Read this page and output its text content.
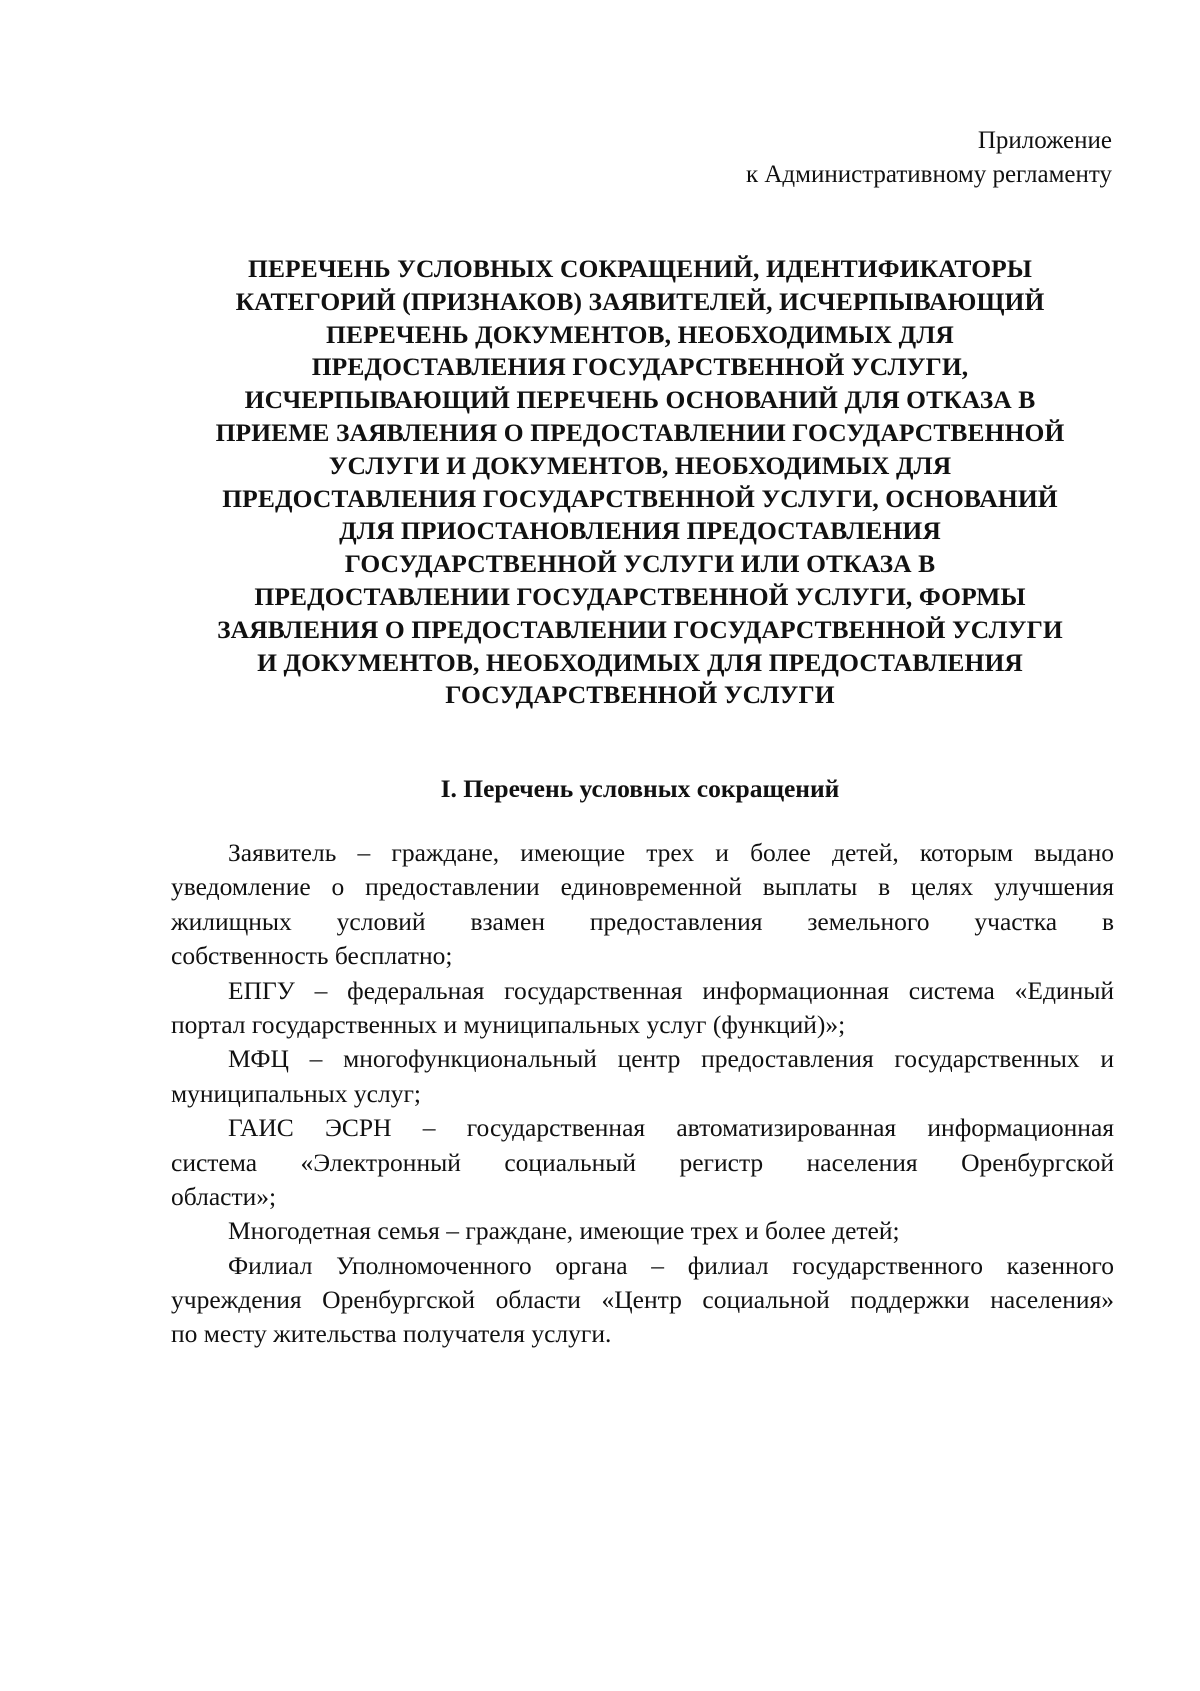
Приложение
к Административному регламенту
ПЕРЕЧЕНЬ УСЛОВНЫХ СОКРАЩЕНИЙ, ИДЕНТИФИКАТОРЫ
КАТЕГОРИЙ (ПРИЗНАКОВ) ЗАЯВИТЕЛЕЙ, ИСЧЕРПЫВАЮЩИЙ
ПЕРЕЧЕНЬ ДОКУМЕНТОВ, НЕОБХОДИМЫХ ДЛЯ
ПРЕДОСТАВЛЕНИЯ ГОСУДАРСТВЕННОЙ УСЛУГИ,
ИСЧЕРПЫВАЮЩИЙ ПЕРЕЧЕНЬ ОСНОВАНИЙ ДЛЯ ОТКАЗА В
ПРИЕМЕ ЗАЯВЛЕНИЯ О ПРЕДОСТАВЛЕНИИ ГОСУДАРСТВЕННОЙ
УСЛУГИ И ДОКУМЕНТОВ, НЕОБХОДИМЫХ ДЛЯ
ПРЕДОСТАВЛЕНИЯ ГОСУДАРСТВЕННОЙ УСЛУГИ, ОСНОВАНИЙ
ДЛЯ ПРИОСТАНОВЛЕНИЯ ПРЕДОСТАВЛЕНИЯ
ГОСУДАРСТВЕННОЙ УСЛУГИ ИЛИ ОТКАЗА В
ПРЕДОСТАВЛЕНИИ ГОСУДАРСТВЕННОЙ УСЛУГИ, ФОРМЫ
ЗАЯВЛЕНИЯ О ПРЕДОСТАВЛЕНИИ ГОСУДАРСТВЕННОЙ УСЛУГИ
И ДОКУМЕНТОВ, НЕОБХОДИМЫХ ДЛЯ ПРЕДОСТАВЛЕНИЯ
ГОСУДАРСТВЕННОЙ УСЛУГИ
I. Перечень условных сокращений
Заявитель – граждане, имеющие трех и более детей, которым выдано
уведомление о предоставлении единовременной выплаты в целях улучшения
жилищных условий взамен предоставления земельного участка в
собственность бесплатно;
ЕПГУ – федеральная государственная информационная система «Единый
портал государственных и муниципальных услуг (функций)»;
МФЦ – многофункциональный центр предоставления государственных и
муниципальных услуг;
ГАИС ЭСРН – государственная автоматизированная информационная
система «Электронный социальный регистр населения Оренбургской
области»;
Многодетная семья – граждане, имеющие трех и более детей;
Филиал Уполномоченного органа – филиал государственного казенного
учреждения Оренбургской области «Центр социальной поддержки населения»
по месту жительства получателя услуги.
